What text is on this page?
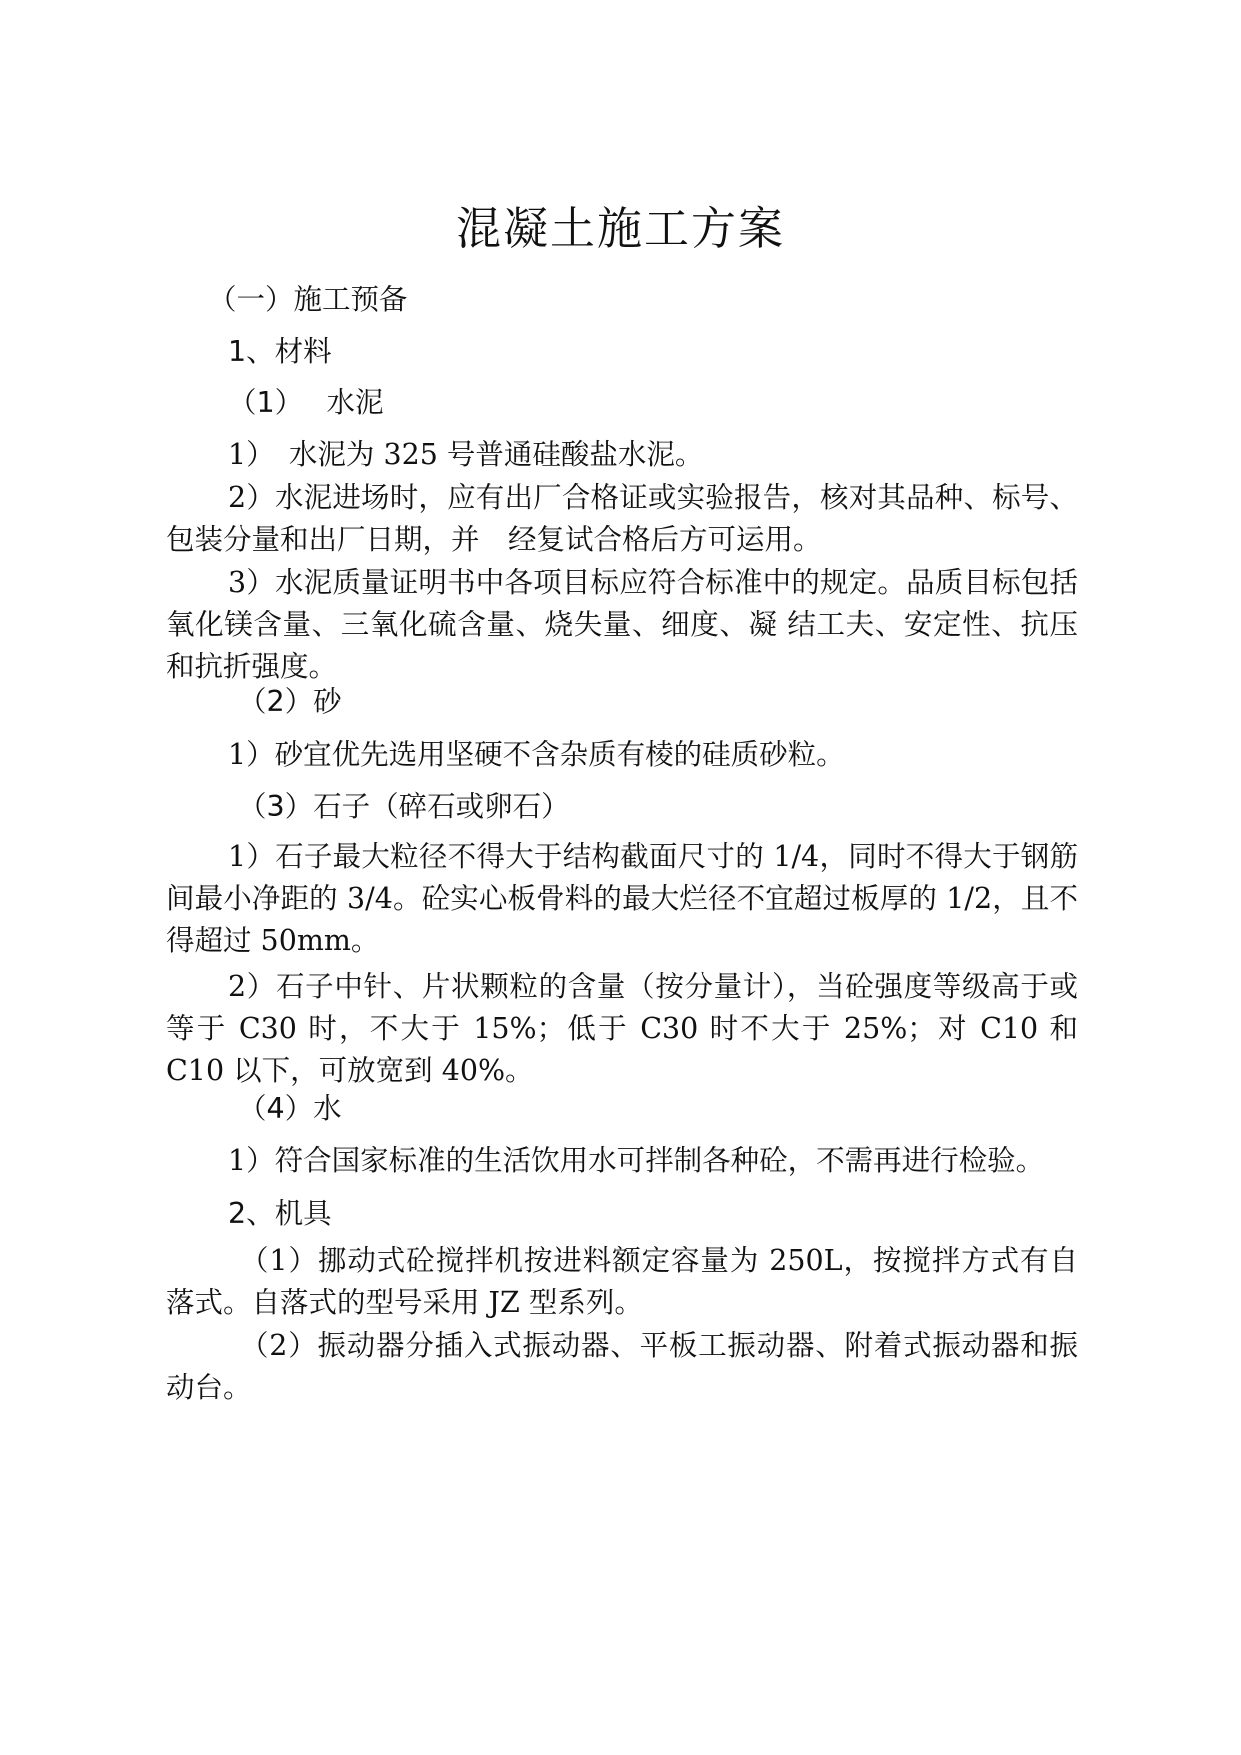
混凝土施工方案
（一）施工预备
1、材料
（1）　 水泥
1）　水泥为 325 号普通硅酸盐水泥。
2）水泥进场时，应有出厂合格证或实验报告，核对其品种、标号、包装分量和出厂日期，并　经复试合格后方可运用。
3）水泥质量证明书中各项目标应符合标准中的规定。品质目标包括氧化镁含量、三氧化硫含量、烧失量、细度、凝 结工夫、安定性、抗压和抗折强度。
（2）砂
1）砂宜优先选用坚硬不含杂质有棱的硅质砂粒。
（3）石子（碎石或卵石）
1）石子最大粒径不得大于结构截面尺寸的 1/4，同时不得大于钢筋间最小净距的 3/4。砼实心板骨料的最大烂径不宜超过板厚的 1/2，且不得超过 50mm。
2）石子中针、片状颗粒的含量（按分量计），当砼强度等级高于或等于 C30 时，不大于 15%；低于 C30 时不大于 25%；对 C10 和 C10 以下，可放宽到 40%。
（4）水
1）符合国家标准的生活饮用水可拌制各种砼，不需再进行检验。
2、机具
（1）挪动式砼搅拌机按进料额定容量为 250L，按搅拌方式有自落式。自落式的型号采用 JZ 型系列。
（2）振动器分插入式振动器、平板工振动器、附着式振动器和振动台。
